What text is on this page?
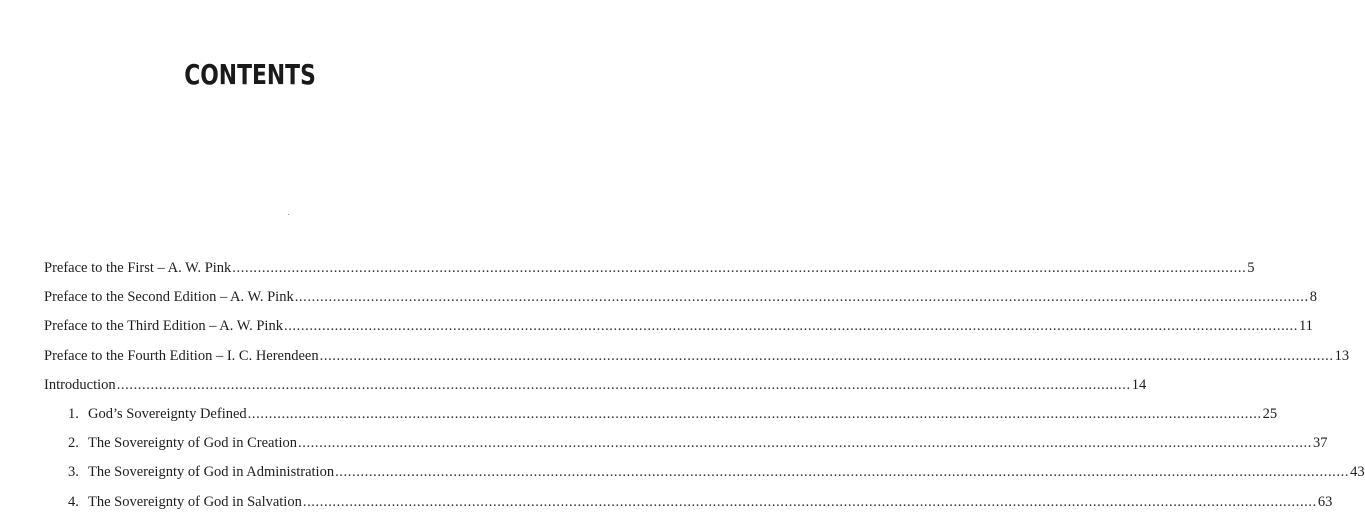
CONTENTS
Preface to the First – A. W. Pink .....	5
Preface to the Second Edition – A. W. Pink .....	8
Preface to the Third Edition – A. W. Pink .....	11
Preface to the Fourth Edition – I. C. Herendeen .....	13
Introduction .....	14
1. God’s Sovereignty Defined .....	25
2. The Sovereignty of God in Creation .....	37
3. The Sovereignty of God in Administration .....	43
4. The Sovereignty of God in Salvation .....	63
